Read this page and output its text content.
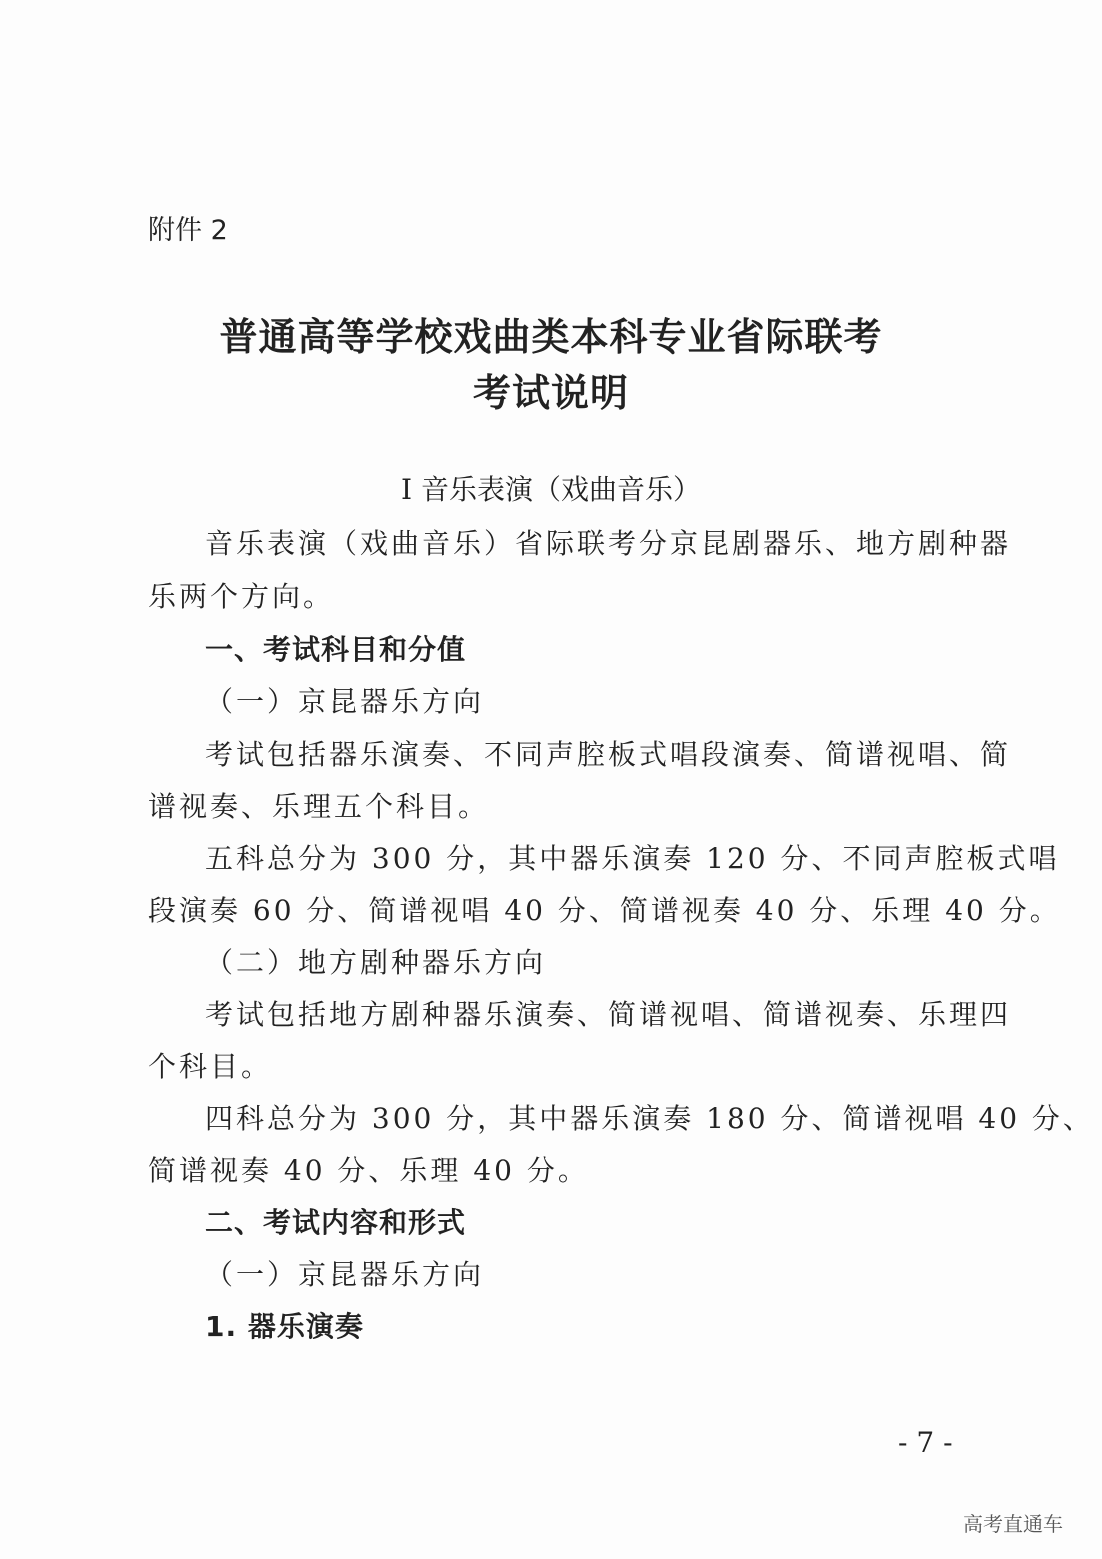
附件 2
普通高等学校戏曲类本科专业省际联考
考试说明
I 音乐表演（戏曲音乐）
音乐表演（戏曲音乐）省际联考分京昆剧器乐、地方剧种器
乐两个方向。
一、考试科目和分值
（一）京昆器乐方向
考试包括器乐演奏、不同声腔板式唱段演奏、简谱视唱、简
谱视奏、乐理五个科目。
五科总分为 300 分，其中器乐演奏 120 分、不同声腔板式唱
段演奏 60 分、简谱视唱 40 分、简谱视奏 40 分、乐理 40 分。
（二）地方剧种器乐方向
考试包括地方剧种器乐演奏、简谱视唱、简谱视奏、乐理四
个科目。
四科总分为 300 分，其中器乐演奏 180 分、简谱视唱 40 分、
简谱视奏 40 分、乐理 40 分。
二、考试内容和形式
（一）京昆器乐方向
1. 器乐演奏
- 7 -
高考直通车
